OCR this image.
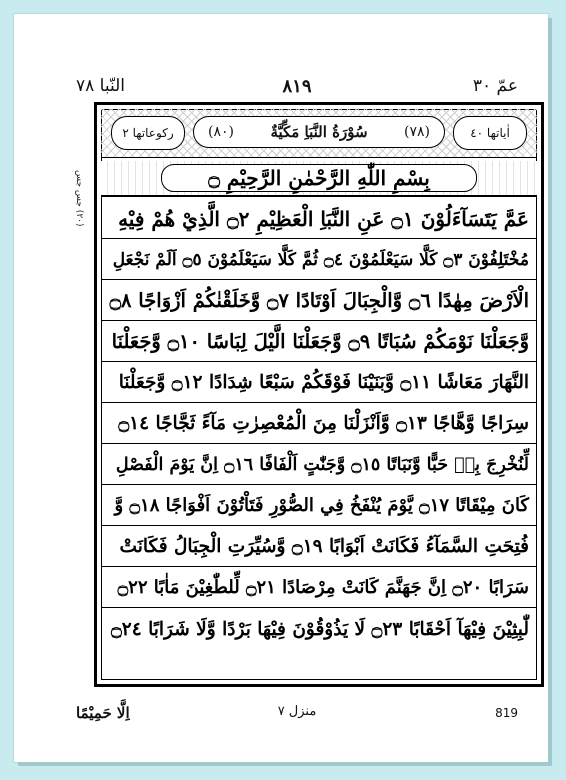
عمّ ٣٠
٨١٩
النّبا ٧٨
(٢٠) جس جس
اٰیاتها ٤٠
(٧٨)
سُوْرَةُ النَّبَاِ مَكِّيَّةٌ
(٨٠)
رکوعاتها ٢
بِسْمِ اللّٰهِ الرَّحْمٰنِ الرَّحِيْمِ ۝
عَمَّ يَتَسَآءَلُوْنَ ۝١ عَنِ النَّبَاِ الْعَظِيْمِ ۝٢ الَّذِيْ هُمْ فِيْهِ
مُخْتَلِفُوْنَ ۝٣ كَلَّا سَيَعْلَمُوْنَ ۝٤ ثُمَّ كَلَّا سَيَعْلَمُوْنَ ۝٥ اَلَمْ نَجْعَلِ
الْاَرْضَ مِهٰدًا ۝٦ وَّالْجِبَالَ اَوْتَادًا ۝٧ وَّخَلَقْنٰكُمْ اَزْوَاجًا ۝٨
وَّجَعَلْنَا نَوْمَكُمْ سُبَاتًا ۝٩ وَّجَعَلْنَا الَّيْلَ لِبَاسًا ۝١٠ وَّجَعَلْنَا
النَّهَارَ مَعَاشًا ۝١١ وَّبَنَيْنَا فَوْقَكُمْ سَبْعًا شِدَادًا ۝١٢ وَّجَعَلْنَا
سِرَاجًا وَّهَّاجًا ۝١٣ وَّاَنْزَلْنَا مِنَ الْمُعْصِرٰتِ مَآءً ثَجَّاجًا ۝١٤
لِّنُخْرِجَ بِهٖ حَبًّا وَّنَبَاتًا ۝١٥ وَّجَنّٰتٍ اَلْفَافًا ۝١٦ اِنَّ يَوْمَ الْفَصْلِ
كَانَ مِيْقَاتًا ۝١٧ يَّوْمَ يُنْفَخُ فِي الصُّوْرِ فَتَاْتُوْنَ اَفْوَاجًا ۝١٨ وَّ
فُتِحَتِ السَّمَآءُ فَكَانَتْ اَبْوَابًا ۝١٩ وَّسُيِّرَتِ الْجِبَالُ فَكَانَتْ
سَرَابًا ۝٢٠ اِنَّ جَهَنَّمَ كَانَتْ مِرْصَادًا ۝٢١ لِّلطّٰغِيْنَ مَاٰبًا ۝٢٢
لّٰبِثِيْنَ فِيْهَآ اَحْقَابًا ۝٢٣ لَا يَذُوْقُوْنَ فِيْهَا بَرْدًا وَّلَا شَرَابًا ۝٢٤
اِلَّا حَمِيْمًا	منزل ٧	819
